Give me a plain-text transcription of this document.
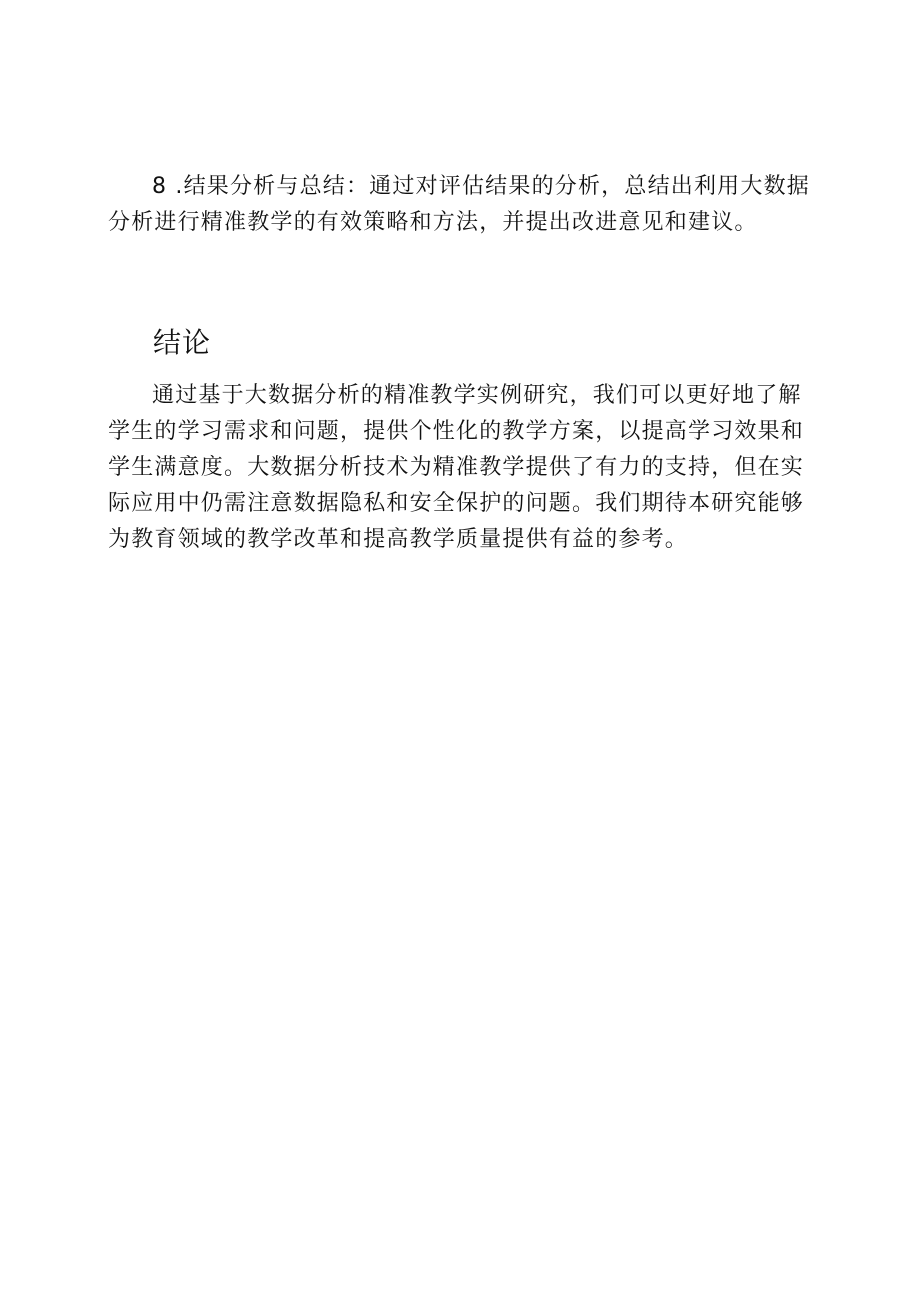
8 .结果分析与总结：通过对评估结果的分析，总结出利用大数据
分析进行精准教学的有效策略和方法，并提出改进意见和建议。
结论
通过基于大数据分析的精准教学实例研究，我们可以更好地了解
学生的学习需求和问题，提供个性化的教学方案，以提高学习效果和
学生满意度。大数据分析技术为精准教学提供了有力的支持，但在实
际应用中仍需注意数据隐私和安全保护的问题。我们期待本研究能够
为教育领域的教学改革和提高教学质量提供有益的参考。
